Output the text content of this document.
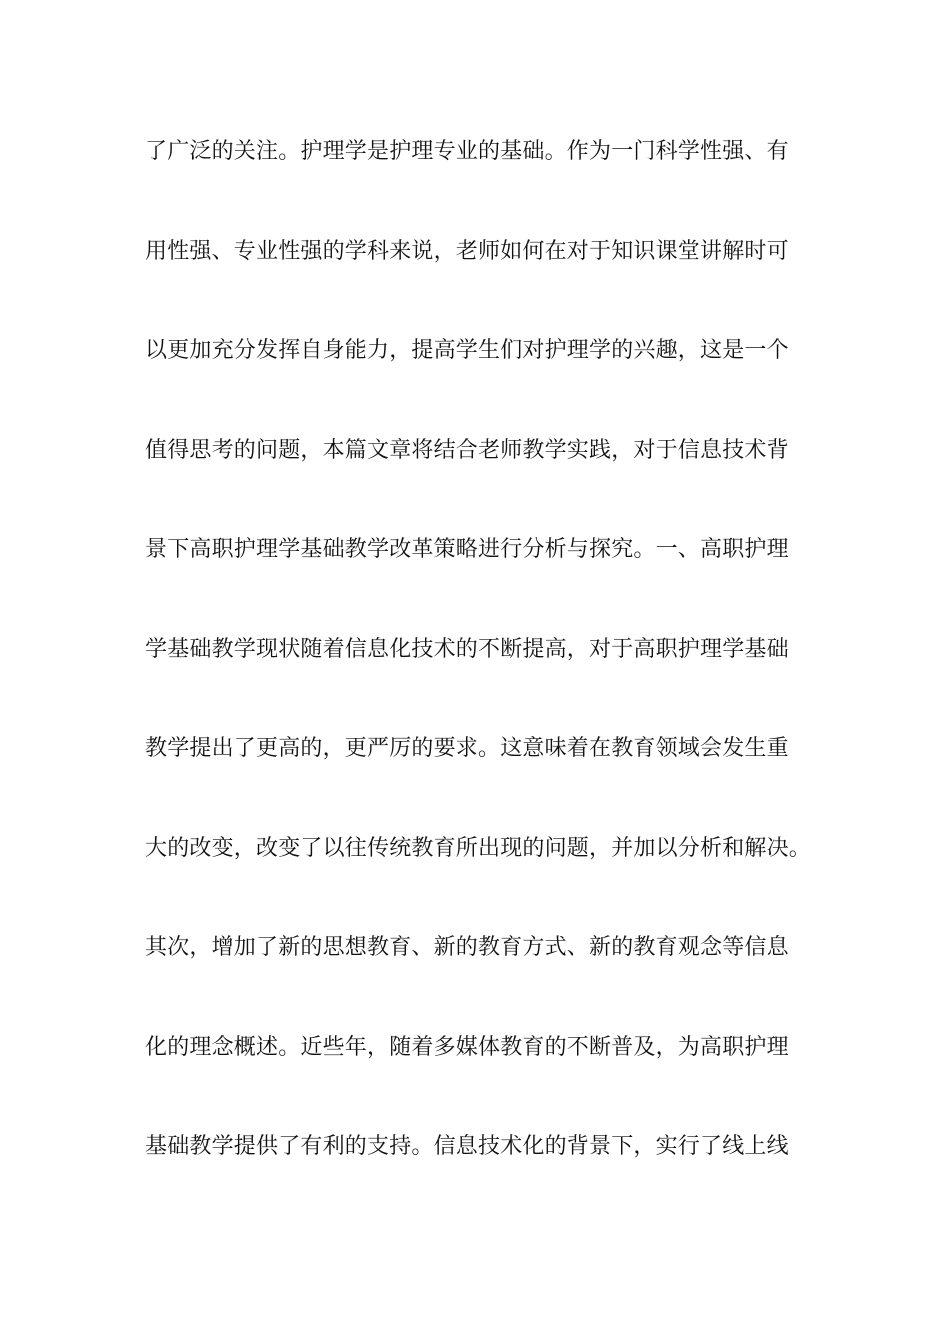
了广泛的关注。护理学是护理专业的基础。作为一门科学性强、有
用性强、专业性强的学科来说，老师如何在对于知识课堂讲解时可
以更加充分发挥自身能力，提高学生们对护理学的兴趣，这是一个
值得思考的问题，本篇文章将结合老师教学实践，对于信息技术背
景下高职护理学基础教学改革策略进行分析与探究。一、高职护理
学基础教学现状随着信息化技术的不断提高，对于高职护理学基础
教学提出了更高的，更严厉的要求。这意味着在教育领域会发生重
大的改变，改变了以往传统教育所出现的问题，并加以分析和解决。
其次，增加了新的思想教育、新的教育方式、新的教育观念等信息
化的理念概述。近些年，随着多媒体教育的不断普及，为高职护理
基础教学提供了有利的支持。信息技术化的背景下，实行了线上线
